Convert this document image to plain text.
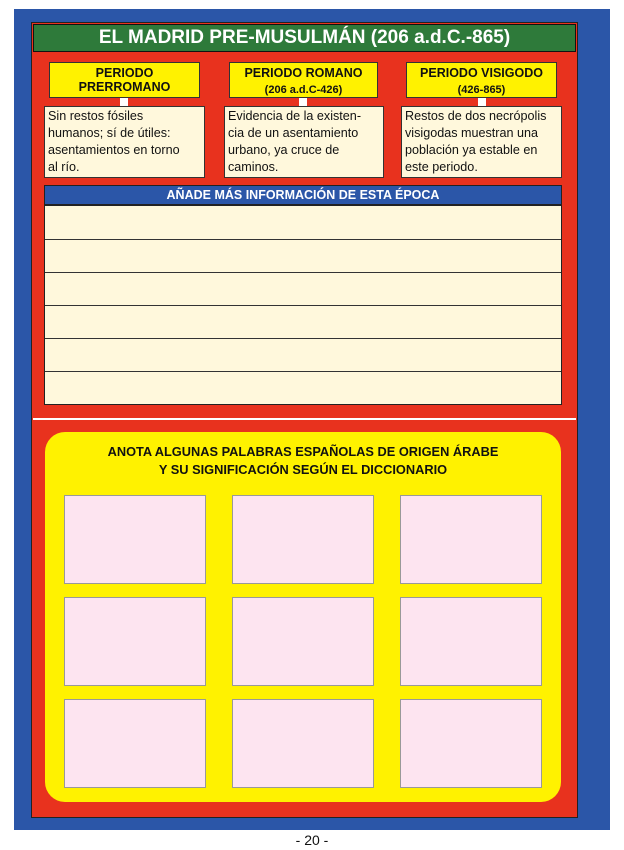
EL MADRID PRE-MUSULMÁN (206 a.d.C.-865)
PERIODO
PRERROMANO
Sin restos fósiles
humanos; sí de útiles:
asentamientos en torno
al río.
PERIODO ROMANO
(206 a.d.C-426)
Evidencia de la existen-
cia de un asentamiento
urbano, ya cruce de
caminos.
PERIODO VISIGODO
(426-865)
Restos de dos necrópolis
visigodas muestran una
población ya estable en
este periodo.
AÑADE MÁS INFORMACIÓN DE ESTA ÉPOCA
ANOTA ALGUNAS PALABRAS ESPAÑOLAS DE ORIGEN ÁRABE
Y SU SIGNIFICACIÓN SEGÚN EL DICCIONARIO
- 20 -
